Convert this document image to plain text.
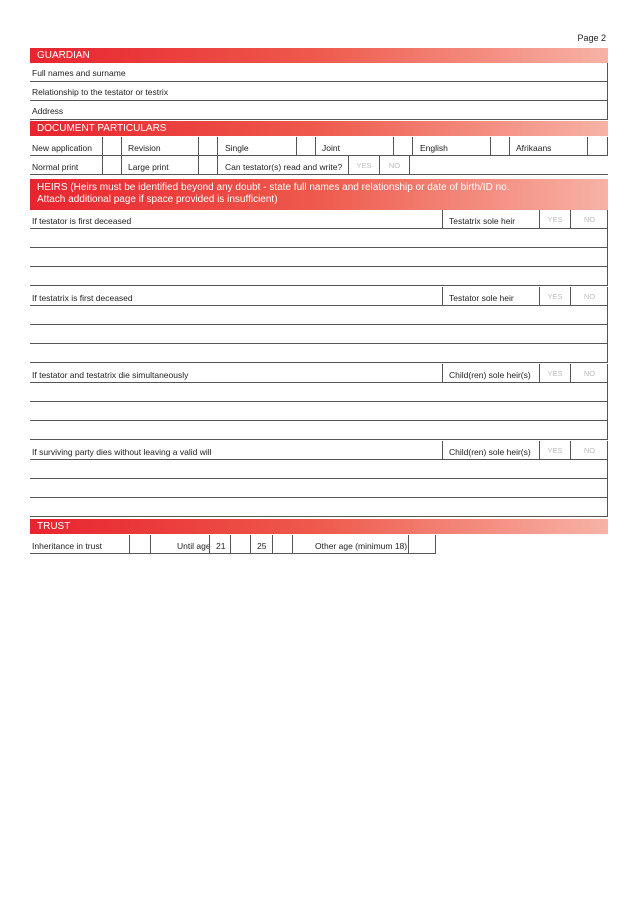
Page 2
GUARDIAN
Full names and surname
Relationship to the testator or testrix
Address
DOCUMENT PARTICULARS
New application	Revision	Single	Joint	English	Afrikaans
Normal print	Large print	Can testator(s) read and write?	YES	NO
HEIRS (Heirs must be identified beyond any doubt - state full names and relationship or date of birth/ID no.
Attach additional page if space provided is insufficient)
If testator is first deceased	Testatrix sole heir	YES	NO
If testatrix is first deceased	Testator sole heir	YES	NO
If testator and testatrix die simultaneously	Child(ren) sole heir(s)	YES	NO
If surviving party dies without leaving a valid will	Child(ren) sole heir(s)	YES	NO
TRUST
Inheritance in trust	Until age 21	25	Other age (minimum 18)
